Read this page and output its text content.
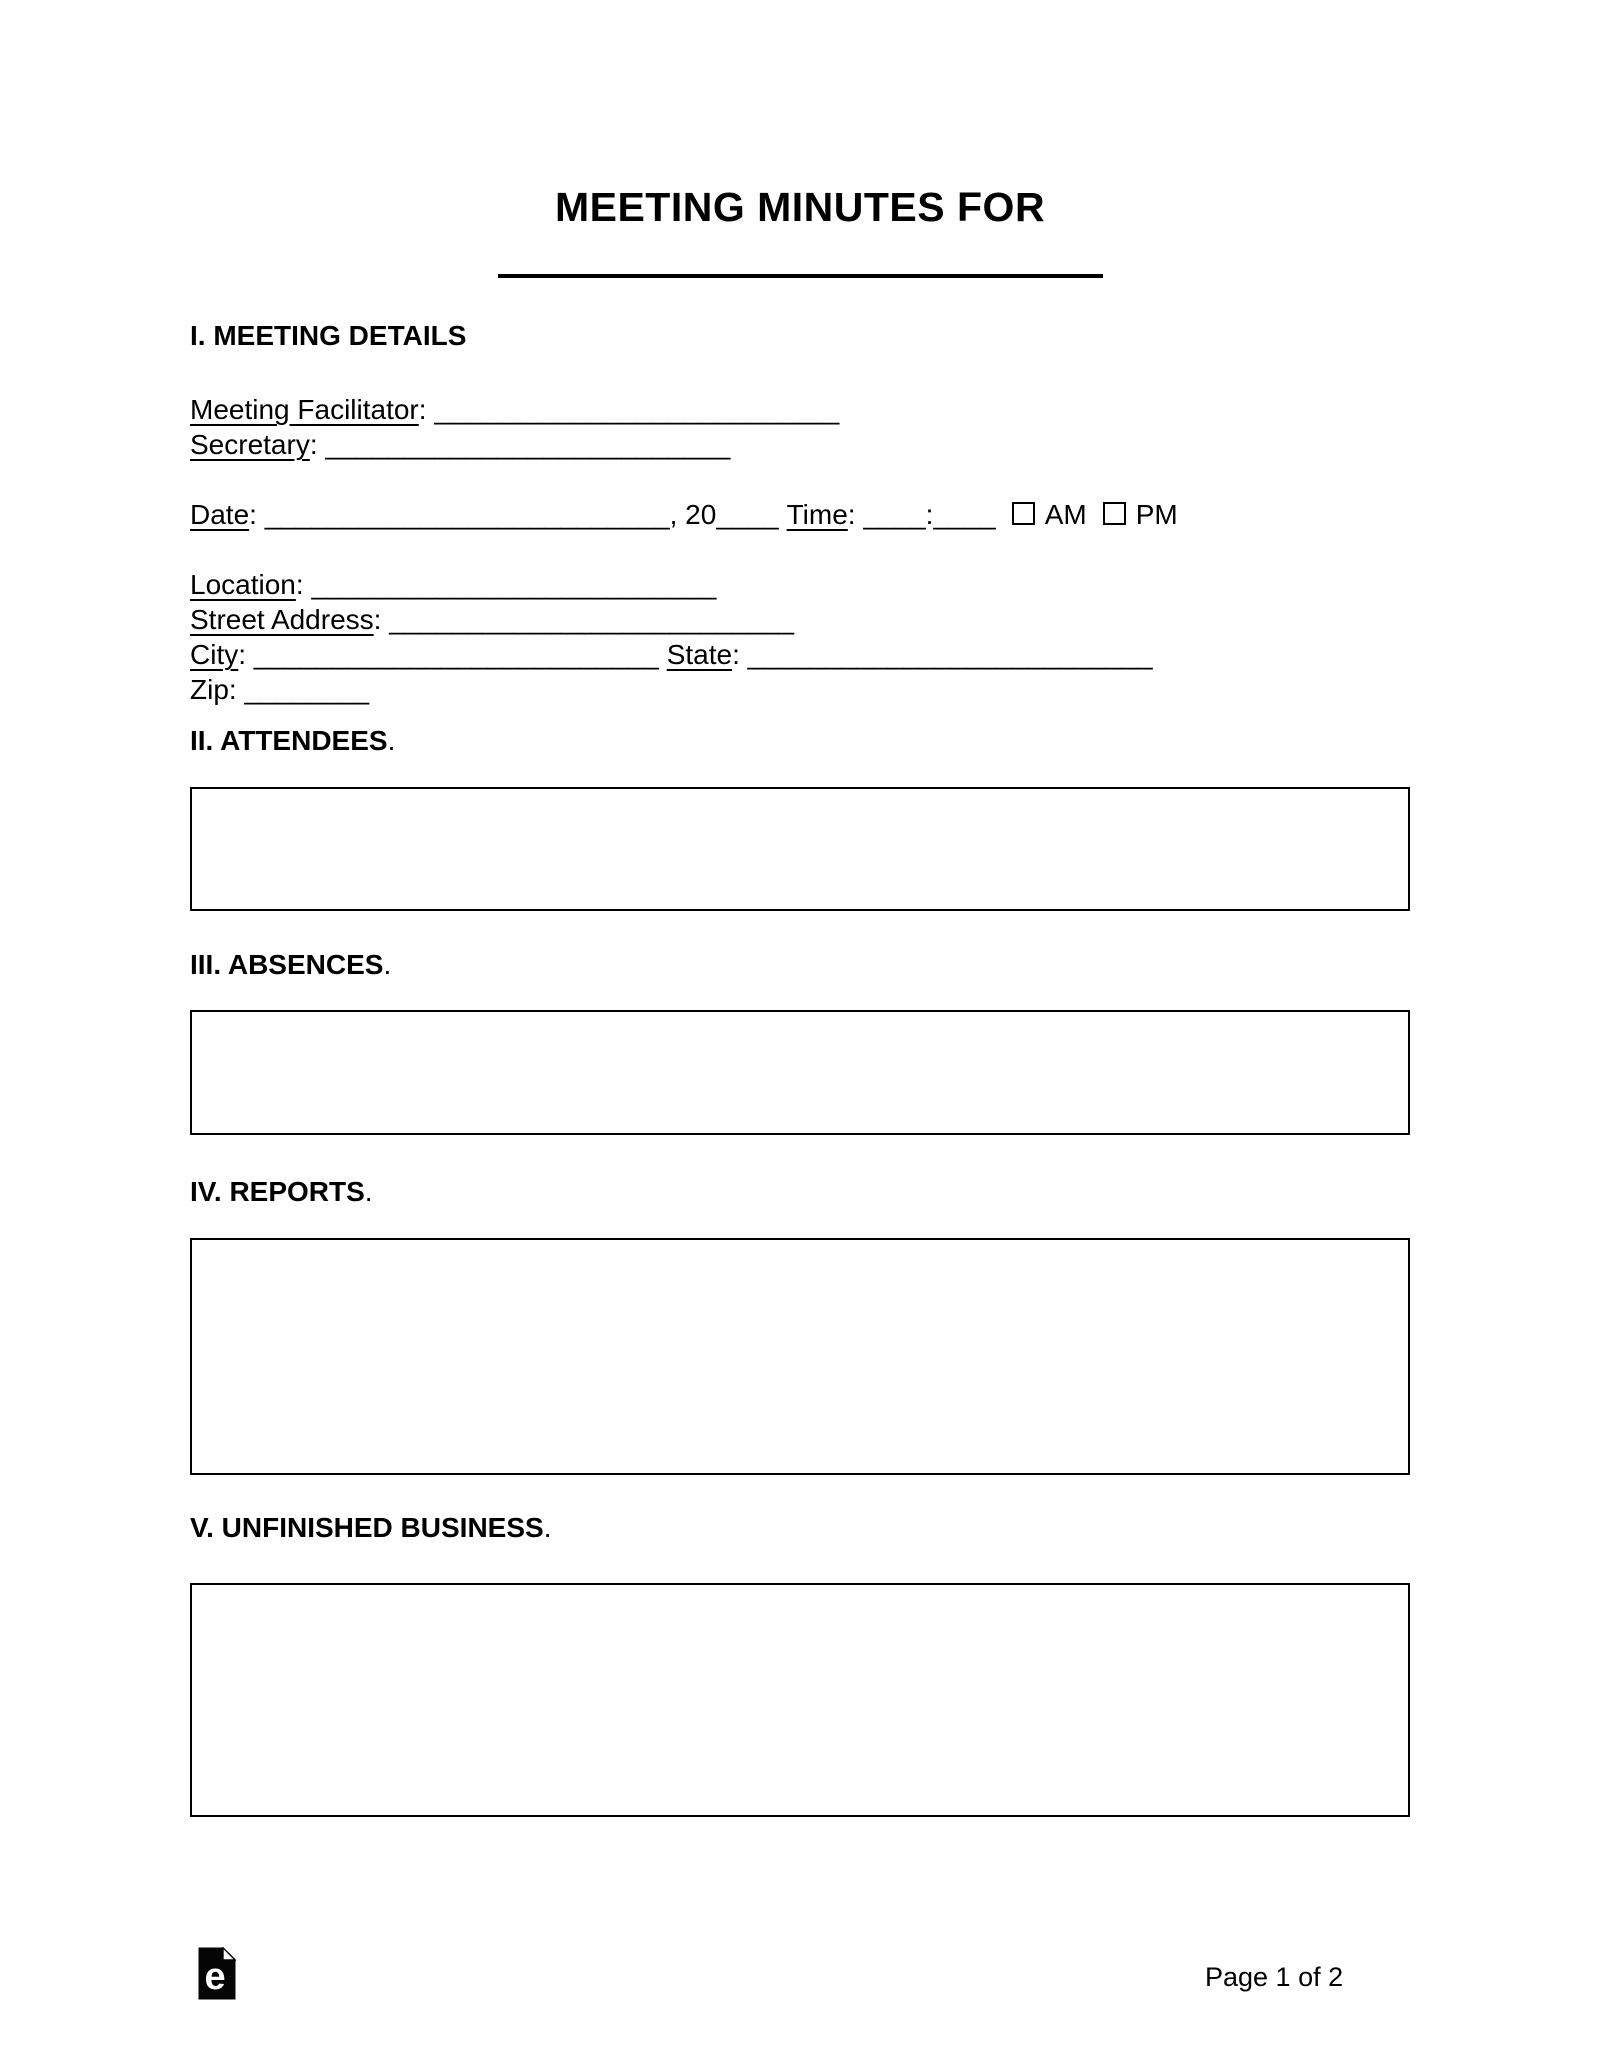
MEETING MINUTES FOR
I. MEETING DETAILS

Meeting Facilitator: __________________________

Secretary: __________________________

Date: __________________________, 20____ Time: ____:____ AM PM

Location: __________________________

Street Address: __________________________

City: __________________________ State: __________________________

Zip: ________

II. ATTENDEES.
III. ABSENCES.
IV. REPORTS.
V. UNFINISHED BUSINESS.
e	Page 1 of 2
